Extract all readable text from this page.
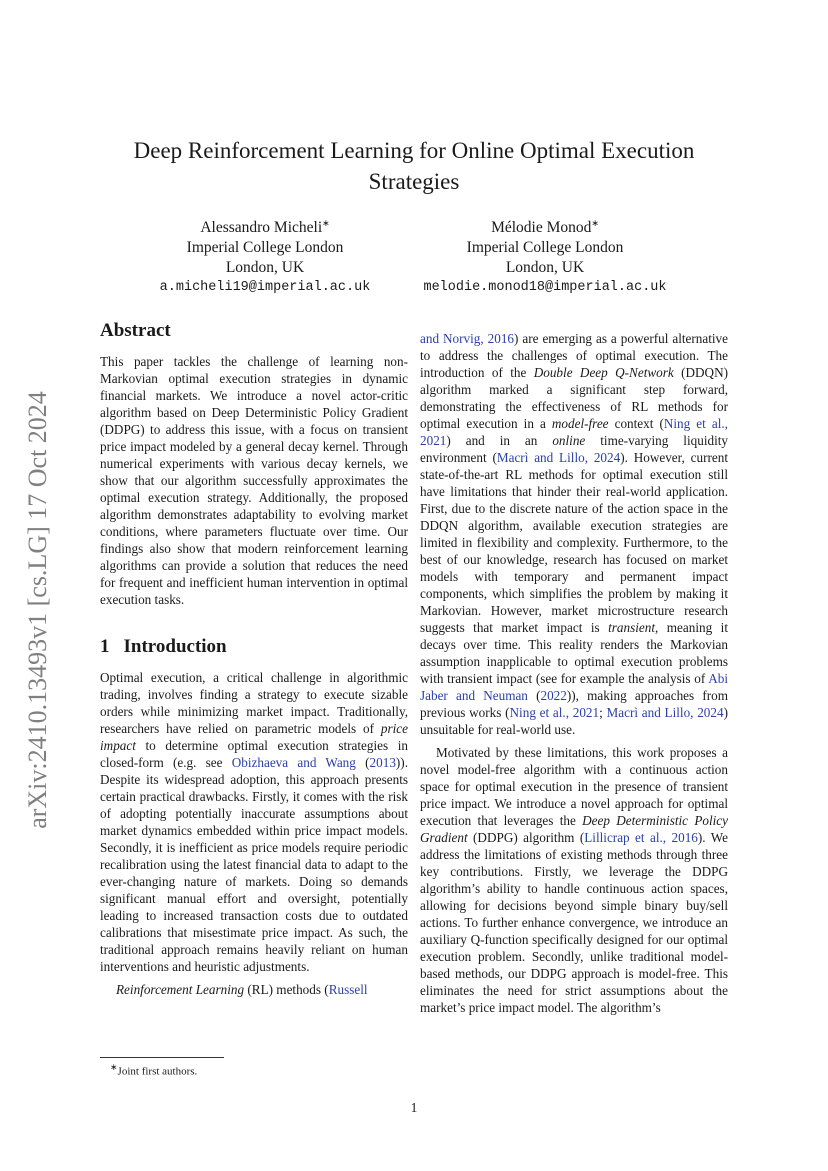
arXiv:2410.13493v1 [cs.LG] 17 Oct 2024
Deep Reinforcement Learning for Online Optimal Execution Strategies
Alessandro Micheli∗
Imperial College London
London, UK
a.micheli19@imperial.ac.uk
Mélodie Monod∗
Imperial College London
London, UK
melodie.monod18@imperial.ac.uk
Abstract

This paper tackles the challenge of learning non-Markovian optimal execution strategies in dynamic financial markets. We introduce a novel actor-critic algorithm based on Deep Deterministic Policy Gradient (DDPG) to address this issue, with a focus on transient price impact modeled by a general decay kernel. Through numerical experiments with various decay kernels, we show that our algorithm successfully approximates the optimal execution strategy. Additionally, the proposed algorithm demonstrates adaptability to evolving market conditions, where parameters fluctuate over time. Our findings also show that modern reinforcement learning algorithms can provide a solution that reduces the need for frequent and inefficient human intervention in optimal execution tasks.

1 Introduction

Optimal execution, a critical challenge in algorithmic trading, involves finding a strategy to execute sizable orders while minimizing market impact. Traditionally, researchers have relied on parametric models of price impact to determine optimal execution strategies in closed-form (e.g. see Obizhaeva and Wang (2013)). Despite its widespread adoption, this approach presents certain practical drawbacks. Firstly, it comes with the risk of adopting potentially inaccurate assumptions about market dynamics embedded within price impact models. Secondly, it is inefficient as price models require periodic recalibration using the latest financial data to adapt to the ever-changing nature of markets. Doing so demands significant manual effort and oversight, potentially leading to increased transaction costs due to outdated calibrations that misestimate price impact. As such, the traditional approach remains heavily reliant on human interventions and heuristic adjustments.

Reinforcement Learning (RL) methods (Russell

and Norvig, 2016) are emerging as a powerful alternative to address the challenges of optimal execution. The introduction of the Double Deep Q-Network (DDQN) algorithm marked a significant step forward, demonstrating the effectiveness of RL methods for optimal execution in a model-free context (Ning et al., 2021) and in an online time-varying liquidity environment (Macrì and Lillo, 2024). However, current state-of-the-art RL methods for optimal execution still have limitations that hinder their real-world application. First, due to the discrete nature of the action space in the DDQN algorithm, available execution strategies are limited in flexibility and complexity. Furthermore, to the best of our knowledge, research has focused on market models with temporary and permanent impact components, which simplifies the problem by making it Markovian. However, market microstructure research suggests that market impact is transient, meaning it decays over time. This reality renders the Markovian assumption inapplicable to optimal execution problems with transient impact (see for example the analysis of Abi Jaber and Neuman (2022)), making approaches from previous works (Ning et al., 2021; Macrì and Lillo, 2024) unsuitable for real-world use.

Motivated by these limitations, this work proposes a novel model-free algorithm with a continuous action space for optimal execution in the presence of transient price impact. We introduce a novel approach for optimal execution that leverages the Deep Deterministic Policy Gradient (DDPG) algorithm (Lillicrap et al., 2016). We address the limitations of existing methods through three key contributions. Firstly, we leverage the DDPG algorithm’s ability to handle continuous action spaces, allowing for decisions beyond simple binary buy/sell actions. To further enhance convergence, we introduce an auxiliary Q-function specifically designed for our optimal execution problem. Secondly, unlike traditional model-based methods, our DDPG approach is model-free. This eliminates the need for strict assumptions about the market’s price impact model. The algorithm’s

∗Joint first authors.
1
